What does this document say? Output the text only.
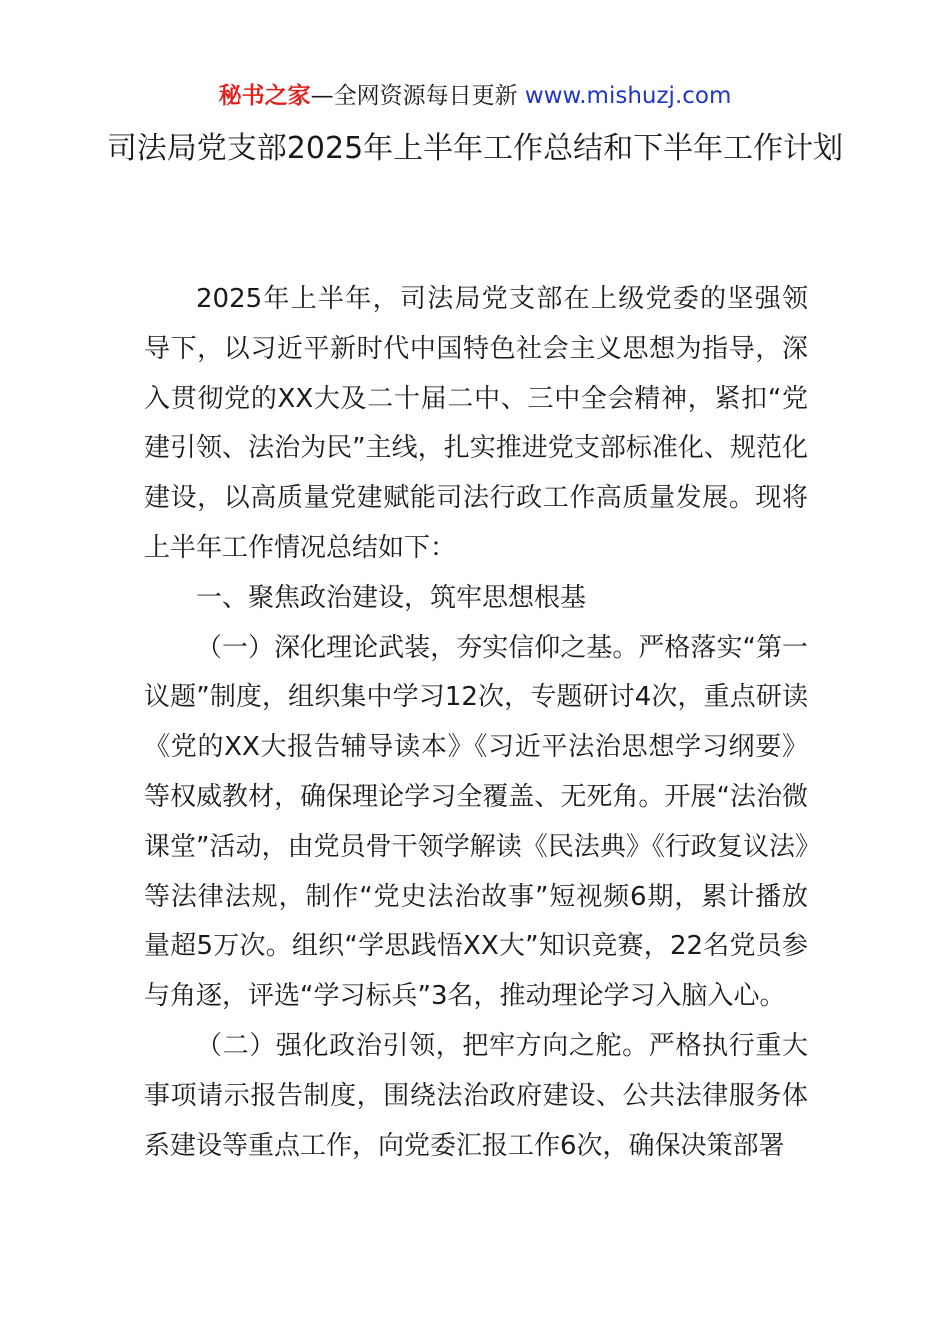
秘书之家—全网资源每日更新 www.mishuzj.com
司法局党支部2025年上半年工作总结和下半年工作计划

2025年上半年，司法局党支部在上级党委的坚强领导下，以习近平新时代中国特色社会主义思想为指导，深入贯彻党的XX大及二十届二中、三中全会精神，紧扣“党建引领、法治为民”主线，扎实推进党支部标准化、规范化建设，以高质量党建赋能司法行政工作高质量发展。现将上半年工作情况总结如下：

一、聚焦政治建设，筑牢思想根基

（一）深化理论武装，夯实信仰之基。严格落实“第一议题”制度，组织集中学习12次，专题研讨4次，重点研读《党的XX大报告辅导读本》《习近平法治思想学习纲要》等权威教材，确保理论学习全覆盖、无死角。开展“法治微课堂”活动，由党员骨干领学解读《民法典》《行政复议法》等法律法规，制作“党史法治故事”短视频6期，累计播放量超5万次。组织“学思践悟XX大”知识竞赛，22名党员参与角逐，评选“学习标兵”3名，推动理论学习入脑入心。

（二）强化政治引领，把牢方向之舵。严格执行重大事项请示报告制度，围绕法治政府建设、公共法律服务体系建设等重点工作，向党委汇报工作6次，确保决策部署
